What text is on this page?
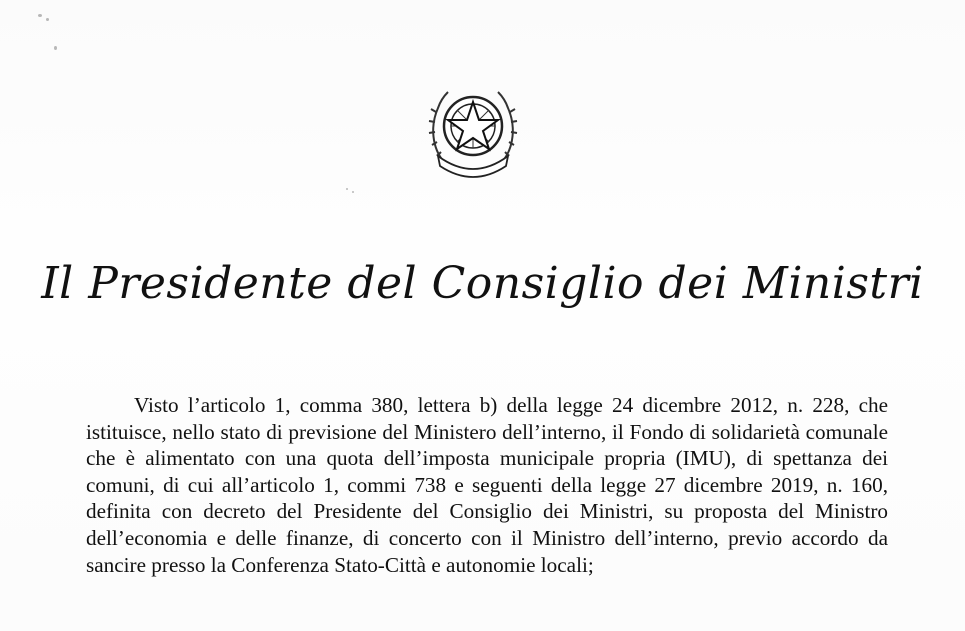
Il Presidente del Consiglio dei Ministri

Visto l’articolo 1, comma 380, lettera b) della legge 24 dicembre 2012, n. 228, che istituisce, nello stato di previsione del Ministero dell’interno, il Fondo di solidarietà comunale che è alimentato con una quota dell’imposta municipale propria (IMU), di spettanza dei comuni, di cui all’articolo 1, commi 738 e seguenti della legge 27 dicembre 2019, n. 160, definita con decreto del Presidente del Consiglio dei Ministri, su proposta del Ministro dell’economia e delle finanze, di concerto con il Ministro dell’interno, previo accordo da sancire presso la Conferenza Stato-Città e autonomie locali;
